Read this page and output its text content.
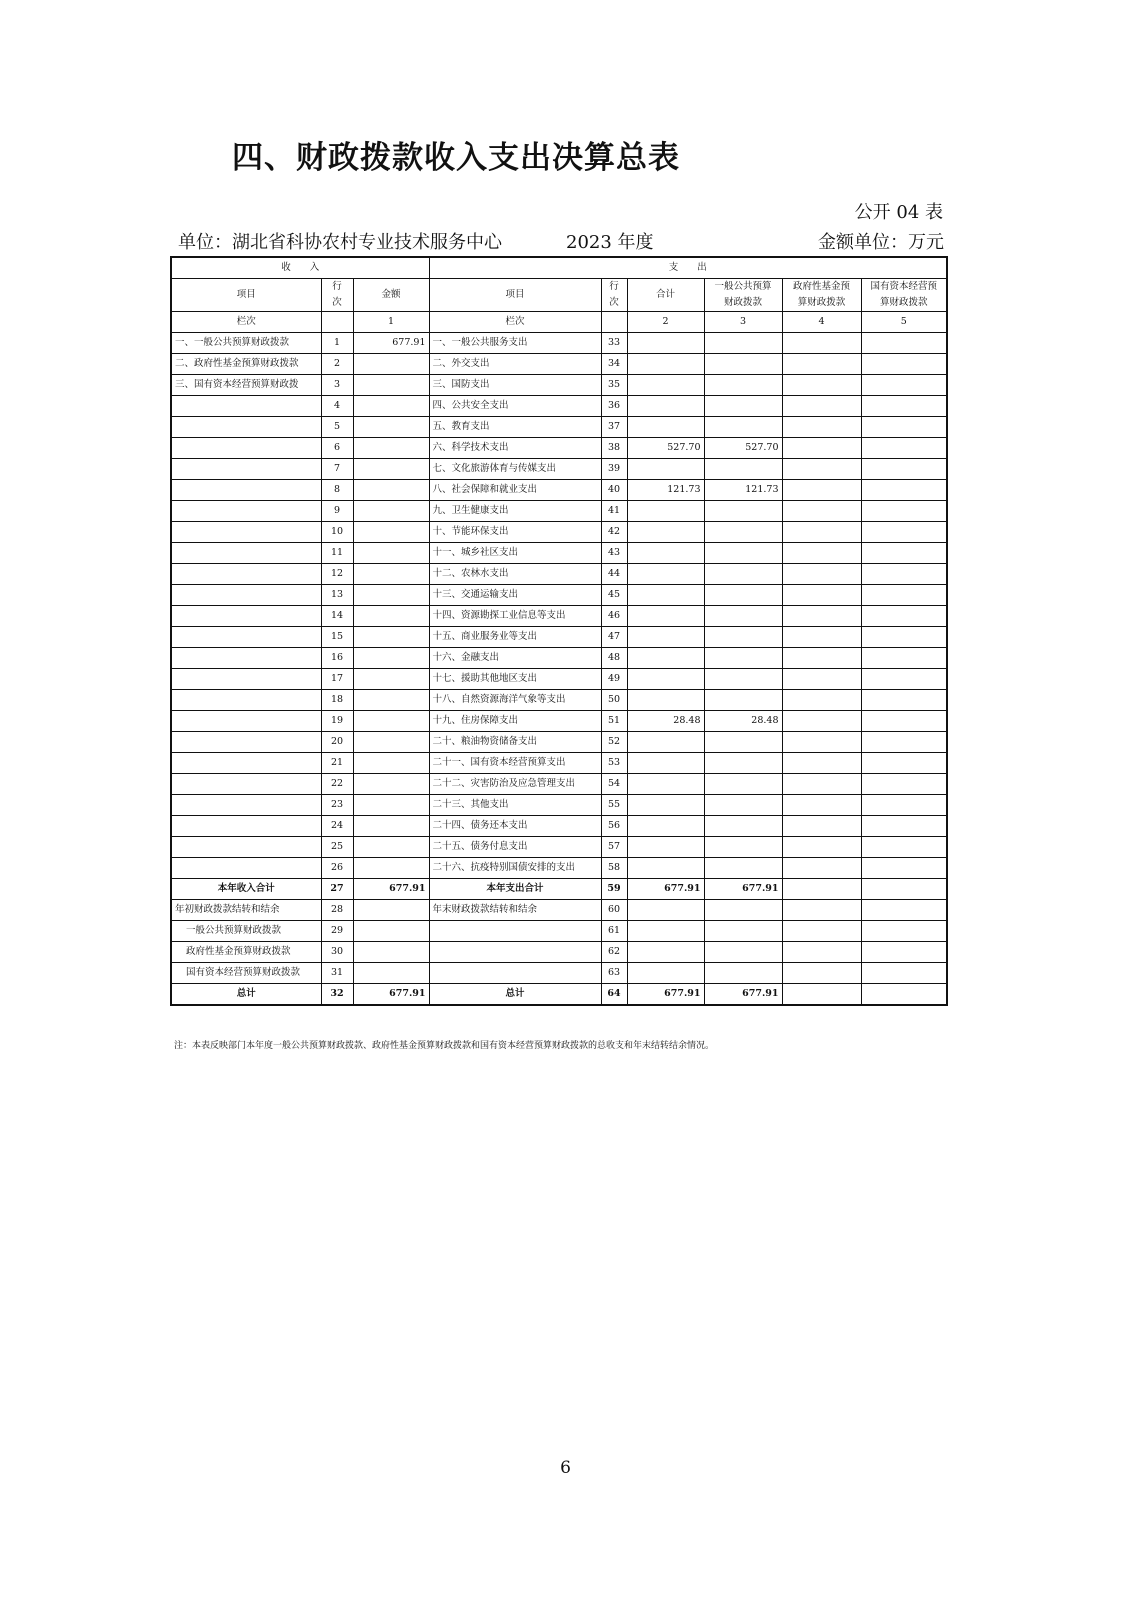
四、财政拨款收入支出决算总表
公开 04 表
单位：湖北省科协农村专业技术服务中心	2023 年度	金额单位：万元
收　　入			支　　出					
项目	行次	金额	项目	行次	合计	一般公共预算财政拨款	政府性基金预算财政拨款	国有资本经营预算财政拨款
栏次		1	栏次		2	3	4	5
一、一般公共预算财政拨款	1	677.91	一、一般公共服务支出	33				
二、政府性基金预算财政拨款	2		二、外交支出	34				
三、国有资本经营预算财政拨	3		三、国防支出	35				
	4		四、公共安全支出	36				
	5		五、教育支出	37				
	6		六、科学技术支出	38	527.70	527.70		
	7		七、文化旅游体育与传媒支出	39				
	8		八、社会保障和就业支出	40	121.73	121.73		
	9		九、卫生健康支出	41				
	10		十、节能环保支出	42				
	11		十一、城乡社区支出	43				
	12		十二、农林水支出	44				
	13		十三、交通运输支出	45				
	14		十四、资源勘探工业信息等支出	46				
	15		十五、商业服务业等支出	47				
	16		十六、金融支出	48				
	17		十七、援助其他地区支出	49				
	18		十八、自然资源海洋气象等支出	50				
	19		十九、住房保障支出	51	28.48	28.48		
	20		二十、粮油物资储备支出	52				
	21		二十一、国有资本经营预算支出	53				
	22		二十二、灾害防治及应急管理支出	54				
	23		二十三、其他支出	55				
	24		二十四、债务还本支出	56				
	25		二十五、债务付息支出	57				
	26		二十六、抗疫特别国债安排的支出	58				
本年收入合计	27	677.91	本年支出合计	59	677.91	677.91		
年初财政拨款结转和结余	28		年末财政拨款结转和结余	60				
一般公共预算财政拨款	29			61				
政府性基金预算财政拨款	30			62				
国有资本经营预算财政拨款	31			63				
总计	32	677.91	总计	64	677.91	677.91		
注：本表反映部门本年度一般公共预算财政拨款、政府性基金预算财政拨款和国有资本经营预算财政拨款的总收支和年末结转结余情况。
6
